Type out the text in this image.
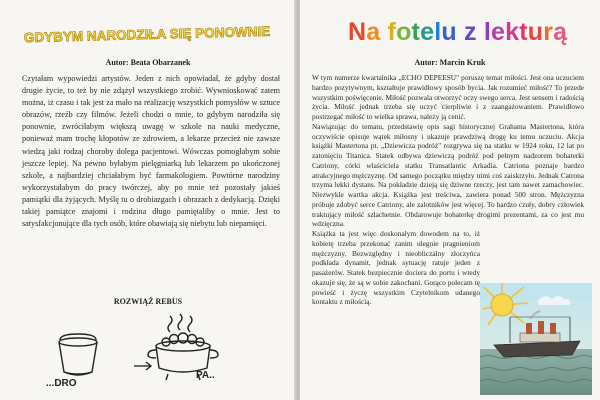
GDYBYM NARODZIŁA SIĘ PONOWNIE
Autor: Beata Obarzanek

Czytałam wypowiedzi artystów. Jeden z nich opowiadał, że gdyby dostał drugie życie, to też by nie zdążył wszystkiego zrobić. Wywnioskować zatem można, iż czasu i tak jest za mało na realizację wszystkich pomysłów w sztuce obrazów, rzeźb czy filmów. Jeżeli chodzi o mnie, to gdybym narodziła się ponownie, zwróciłabym większą uwagę w szkole na nauki medyczne, ponieważ mam trochę kłopotów ze zdrowiem, a lekarze przecież nie zawsze wiedzą jaki rodzaj choroby dolega pacjentowi. Wówczas pomogłabym sobie jeszcze lepiej. Na pewno byłabym pielęgniarką lub lekarzem po ukończonej szkole, a najbardziej chciałabym być farmakologiem. Powtórne narodziny wykorzystałabym do pracy twórczej, aby po mnie też pozostały jakieś pamiątki dla żyjących. Myślę tu o drobiazgach i obrazach z dedykacją. Dzięki takiej pamiątce znajomi i rodzina długo pamiętaliby o mnie. Jest to satysfakcjonujące dla tych osób, które obawiają się niebytu lub niepamięci.

ROZWIĄŻ REBUS
...DRO
PA..
Na fotelu z lekturą
Autor: Marcin Kruk

W tym numerze kwartalnika „ECHO DEPEESU" poruszę temat miłości. Jest ona uczuciem bardzo pozytywnym, kształtuje prawidłowy sposób bycia. Jak rozumieć miłość? To przede wszystkim poświęcenie. Miłość pozwala otworzyć oczy swego serca. Jest sensem i radością życia. Miłość jednak trzeba się uczyć cierpliwie i z zaangażowaniem. Prawidłowo postrzegać miłość to wielka sprawa, należy ją cenić.

Nawiązując do tematu, przedstawię opis sagi historycznej Grahama Mastertona, która oczywiście opisuje wątek miłosny i ukazuje prawdziwą drogę ku temu uczuciu. Akcja książki Mastertona pt. „Dziewicza podróż" rozgrywa się na statku w 1924 roku, 12 lat po zatonięciu Titanica. Statek odbywa dziewiczą podróż pod pełnym nadzorem bohaterki Catriony, córki właściciela statku Transatlantic Arkadia. Catriona poznaje bardzo atrakcyjnego mężczyznę. Od samego początku między nimi coś zaiskrzyło. Jednak Catrona trzyma lekki dystans. Na pokładzie dzieją się dziwne rzeczy, jest tam nawet zamachowiec. Niezwykle wartka akcja. Książka jest treściwa, zawiera ponad 500 stron. Mężczyzna próbuje zdobyć serce Catriony, ale zalotników jest więcej. To bardzo czuły, dobry człowiek traktujący miłość szlachetnie. Obdarowuje bohaterkę drogimi prezentami, za co jest mu wdzięczna.

Książka ta jest więc doskonałym dowodem na to, iż kobietę trzeba przekonać zanim ulegnie pragnieniom mężczyzny. Bezwzględny i nieobliczalny złoczyńca podkłada dynamit, jednak sytuację ratuje jeden z pasażerów. Statek bezpiecznie dociera do portu i wtedy okazuje się, że są w sobie zakochani. Gorąco polecam tę powieść i życzę wszystkim Czytelnikom udanego kontaktu z miłością.
